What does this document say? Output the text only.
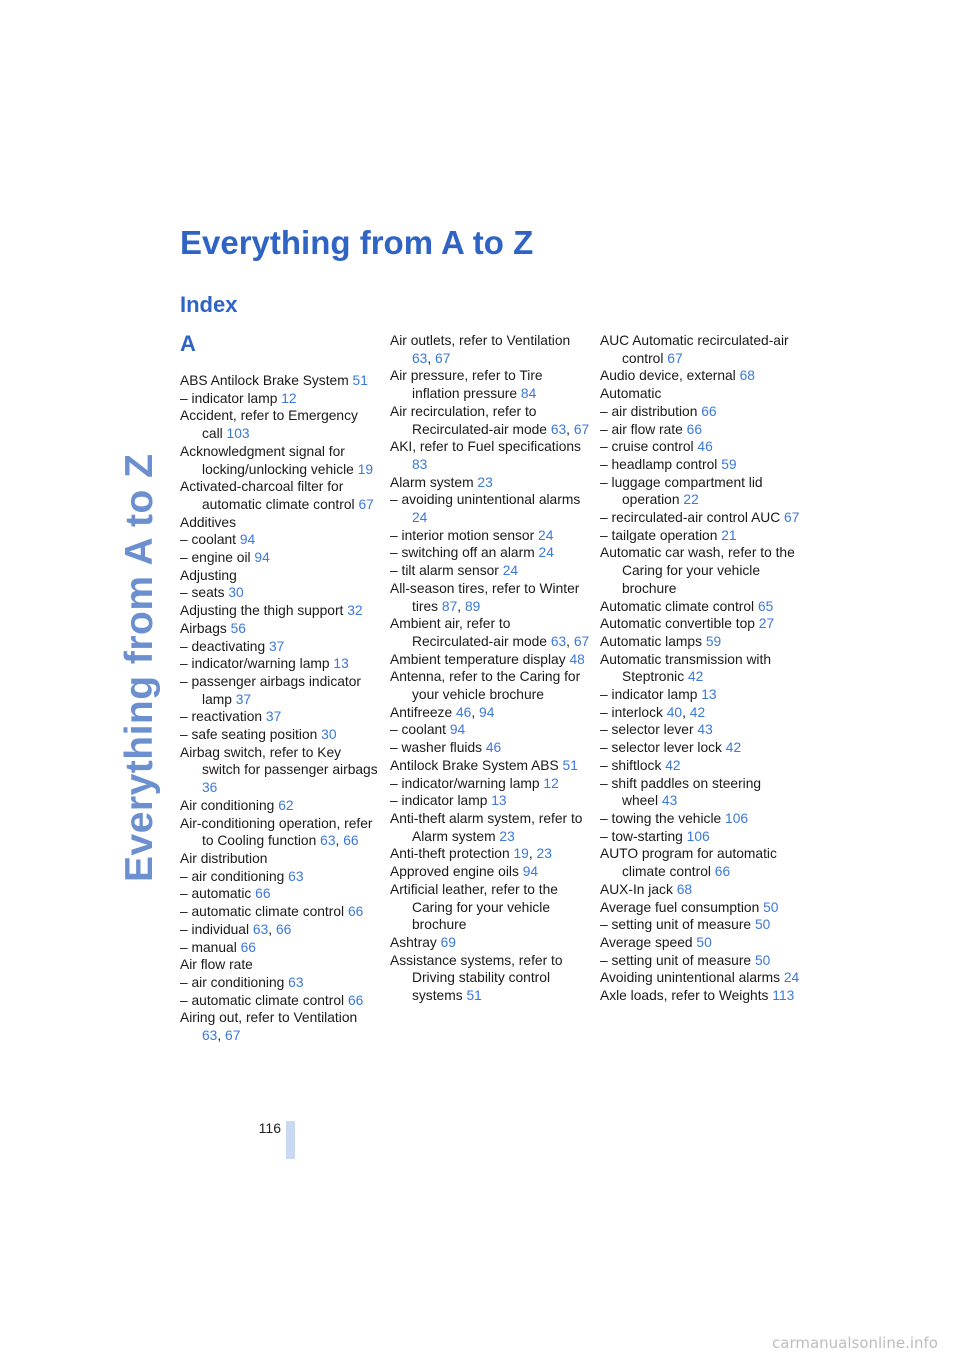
Everything from A to Z
Everything from A to Z
Index
A
ABS Antilock Brake System 51
– indicator lamp 12
Accident, refer to Emergency call 103
Acknowledgment signal for locking/unlocking vehicle 19
Activated-charcoal filter for automatic climate control 67
Additives
– coolant 94
– engine oil 94
Adjusting
– seats 30
Adjusting the thigh support 32
Airbags 56
– deactivating 37
– indicator/warning lamp 13
– passenger airbags indicator lamp 37
– reactivation 37
– safe seating position 30
Airbag switch, refer to Key switch for passenger airbags 36
Air conditioning 62
Air-conditioning operation, refer to Cooling function 63, 66
Air distribution
– air conditioning 63
– automatic 66
– automatic climate control 66
– individual 63, 66
– manual 66
Air flow rate
– air conditioning 63
– automatic climate control 66
Airing out, refer to Ventilation 63, 67
Air outlets, refer to Ventilation 63, 67
Air pressure, refer to Tire inflation pressure 84
Air recirculation, refer to Recirculated-air mode 63, 67
AKI, refer to Fuel specifications 83
Alarm system 23
– avoiding unintentional alarms 24
– interior motion sensor 24
– switching off an alarm 24
– tilt alarm sensor 24
All-season tires, refer to Winter tires 87, 89
Ambient air, refer to Recirculated-air mode 63, 67
Ambient temperature display 48
Antenna, refer to the Caring for your vehicle brochure
Antifreeze 46, 94
– coolant 94
– washer fluids 46
Antilock Brake System ABS 51
– indicator/warning lamp 12
– indicator lamp 13
Anti-theft alarm system, refer to Alarm system 23
Anti-theft protection 19, 23
Approved engine oils 94
Artificial leather, refer to the Caring for your vehicle brochure
Ashtray 69
Assistance systems, refer to Driving stability control systems 51
AUC Automatic recirculated-air control 67
Audio device, external 68
Automatic
– air distribution 66
– air flow rate 66
– cruise control 46
– headlamp control 59
– luggage compartment lid operation 22
– recirculated-air control AUC 67
– tailgate operation 21
Automatic car wash, refer to the Caring for your vehicle brochure
Automatic climate control 65
Automatic convertible top 27
Automatic lamps 59
Automatic transmission with Steptronic 42
– indicator lamp 13
– interlock 40, 42
– selector lever 43
– selector lever lock 42
– shiftlock 42
– shift paddles on steering wheel 43
– towing the vehicle 106
– tow-starting 106
AUTO program for automatic climate control 66
AUX-In jack 68
Average fuel consumption 50
– setting unit of measure 50
Average speed 50
– setting unit of measure 50
Avoiding unintentional alarms 24
Axle loads, refer to Weights 113
116
carmanualsonline.info
